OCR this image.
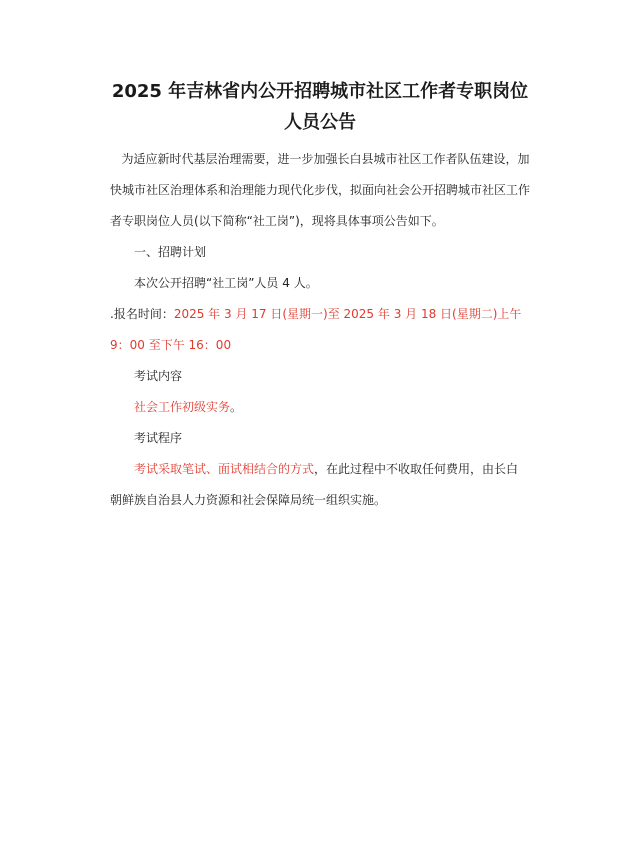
2025 年吉林省内公开招聘城市社区工作者专职岗位
人员公告

为适应新时代基层治理需要，进一步加强长白县城市社区工作者队伍建设，加快城市社区治理体系和治理能力现代化步伐，拟面向社会公开招聘城市社区工作者专职岗位人员(以下简称“社工岗”)，现将具体事项公告如下。

一、招聘计划

本次公开招聘“社工岗”人员 4 人。

.报名时间：2025 年 3 月 17 日(星期一)至 2025 年 3 月 18 日(星期二)上午 9：00 至下午 16：00

考试内容

社会工作初级实务。

考试程序

考试采取笔试、面试相结合的方式，在此过程中不收取任何费用，由长白朝鲜族自治县人力资源和社会保障局统一组织实施。
